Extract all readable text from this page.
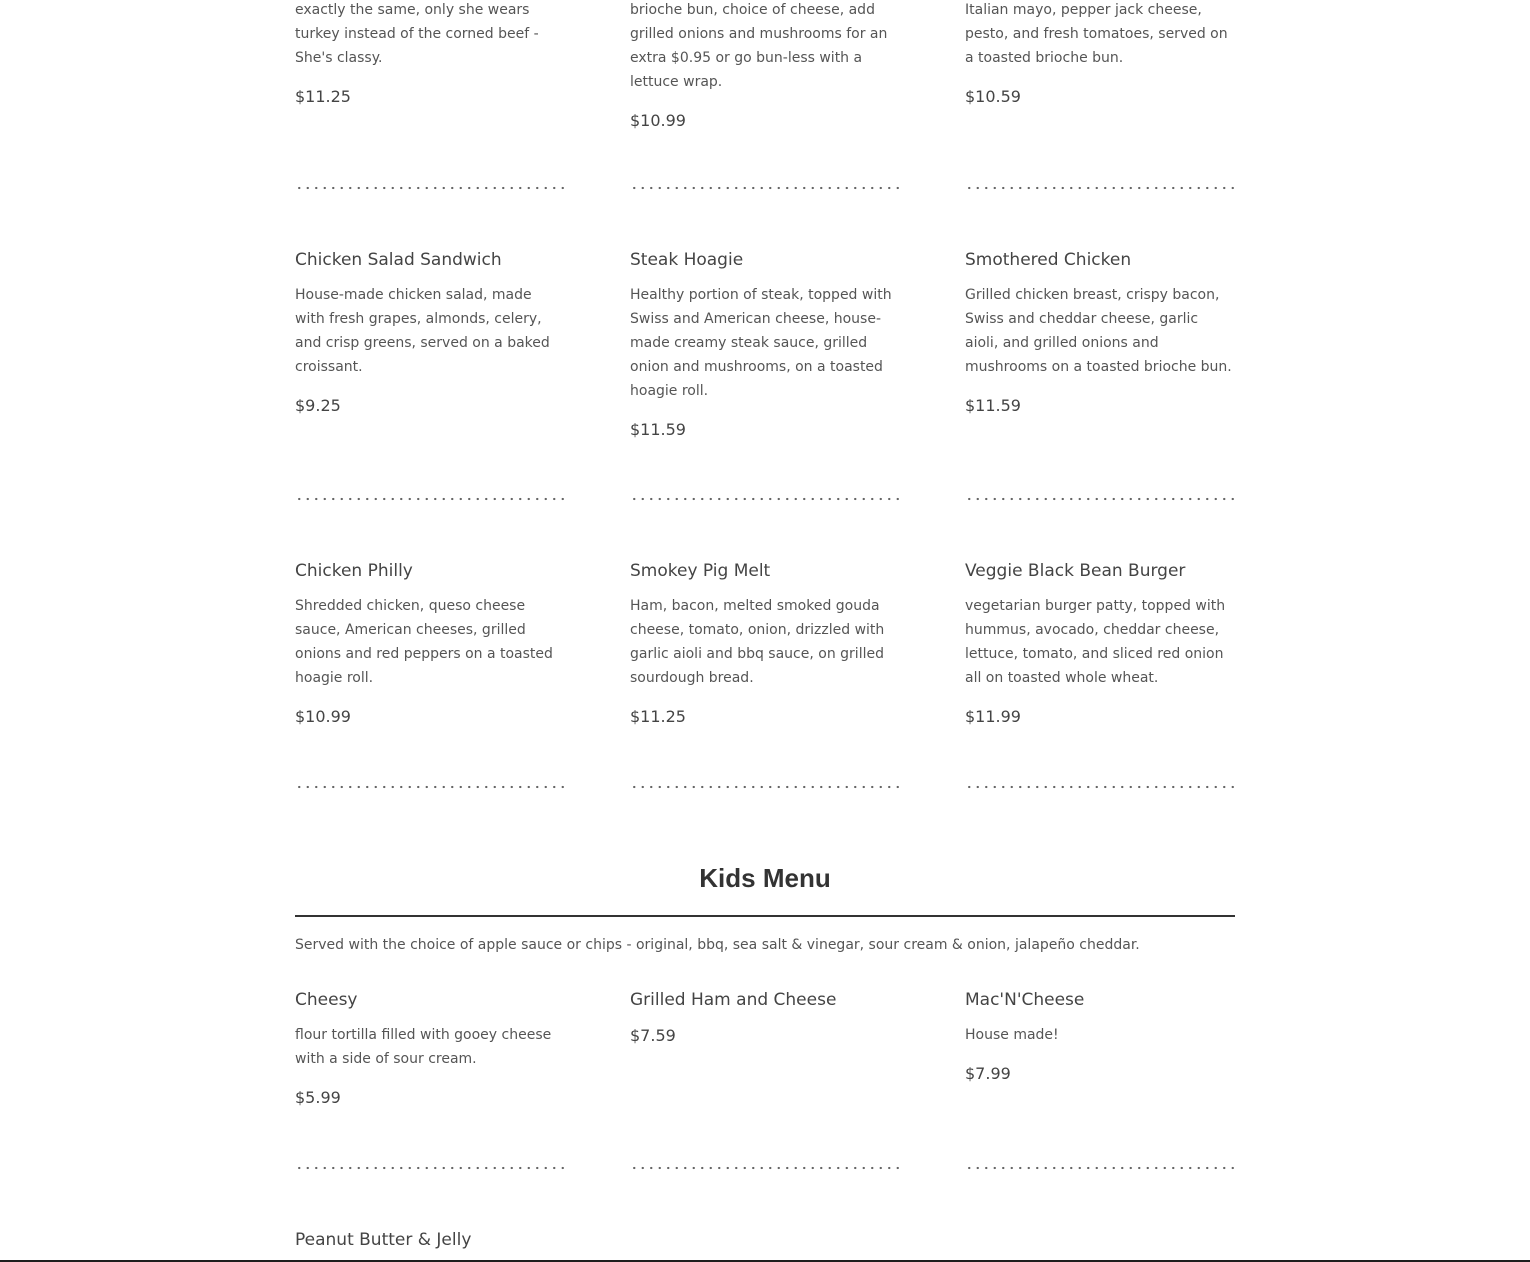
exactly the same, only she wears turkey instead of the corned beef - She's classy.

$11.25

brioche bun, choice of cheese, add grilled onions and mushrooms for an extra $0.95 or go bun-less with a lettuce wrap.

$10.99

Italian mayo, pepper jack cheese, pesto, and fresh tomatoes, served on a toasted brioche bun.

$10.59

Chicken Salad Sandwich

House-made chicken salad, made with fresh grapes, almonds, celery, and crisp greens, served on a baked croissant.

$9.25

Steak Hoagie

Healthy portion of steak, topped with Swiss and American cheese, house-made creamy steak sauce, grilled onion and mushrooms, on a toasted hoagie roll.

$11.59

Smothered Chicken

Grilled chicken breast, crispy bacon, Swiss and cheddar cheese, garlic aioli, and grilled onions and mushrooms on a toasted brioche bun.

$11.59

Chicken Philly

Shredded chicken, queso cheese sauce, American cheeses, grilled onions and red peppers on a toasted hoagie roll.

$10.99

Smokey Pig Melt

Ham, bacon, melted smoked gouda cheese, tomato, onion, drizzled with garlic aioli and bbq sauce, on grilled sourdough bread.

$11.25

Veggie Black Bean Burger

vegetarian burger patty, topped with hummus, avocado, cheddar cheese, lettuce, tomato, and sliced red onion all on toasted whole wheat.

$11.99

Kids Menu

Served with the choice of apple sauce or chips - original, bbq, sea salt & vinegar, sour cream & onion, jalapeño cheddar.

Cheesy

flour tortilla filled with gooey cheese with a side of sour cream.

$5.99

Grilled Ham and Cheese

$7.59

Mac'N'Cheese

House made!

$7.99

Peanut Butter & Jelly
